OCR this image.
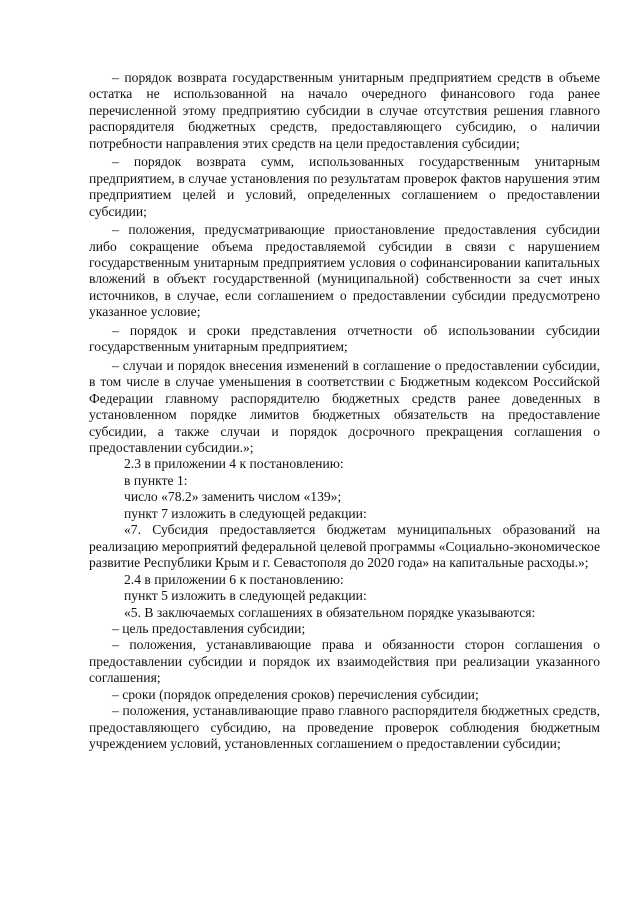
– порядок возврата государственным унитарным предприятием средств в объеме остатка не использованной на начало очередного финансового года ранее перечисленной этому предприятию субсидии в случае отсутствия решения главного распорядителя бюджетных средств, предоставляющего субсидию, о наличии потребности направления этих средств на цели предоставления субсидии;

– порядок возврата сумм, использованных государственным унитарным предприятием, в случае установления по результатам проверок фактов нарушения этим предприятием целей и условий, определенных соглашением о предоставлении субсидии;

– положения, предусматривающие приостановление предоставления субсидии либо сокращение объема предоставляемой субсидии в связи с нарушением государственным унитарным предприятием условия о софинансировании капитальных вложений в объект государственной (муниципальной) собственности за счет иных источников, в случае, если соглашением о предоставлении субсидии предусмотрено указанное условие;

– порядок и сроки представления отчетности об использовании субсидии государственным унитарным предприятием;

– случаи и порядок внесения изменений в соглашение о предоставлении субсидии, в том числе в случае уменьшения в соответствии с Бюджетным кодексом Российской Федерации главному распорядителю бюджетных средств ранее доведенных в установленном порядке лимитов бюджетных обязательств на предоставление субсидии, а также случаи и порядок досрочного прекращения соглашения о предоставлении субсидии.»;

2.3 в приложении 4 к постановлению:

в пункте 1:

число «78.2» заменить числом «139»;

пункт 7 изложить в следующей редакции:

«7. Субсидия предоставляется бюджетам муниципальных образований на реализацию мероприятий федеральной целевой программы «Социально-экономическое развитие Республики Крым и г. Севастополя до 2020 года» на капитальные расходы.»;

2.4 в приложении 6 к постановлению:

пункт 5 изложить в следующей редакции:

«5. В заключаемых соглашениях в обязательном порядке указываются:

– цель предоставления субсидии;

– положения, устанавливающие права и обязанности сторон соглашения о предоставлении субсидии и порядок их взаимодействия при реализации указанного соглашения;

– сроки (порядок определения сроков) перечисления субсидии;

– положения, устанавливающие право главного распорядителя бюджетных средств, предоставляющего субсидию, на проведение проверок соблюдения бюджетным учреждением условий, установленных соглашением о предоставлении субсидии;
